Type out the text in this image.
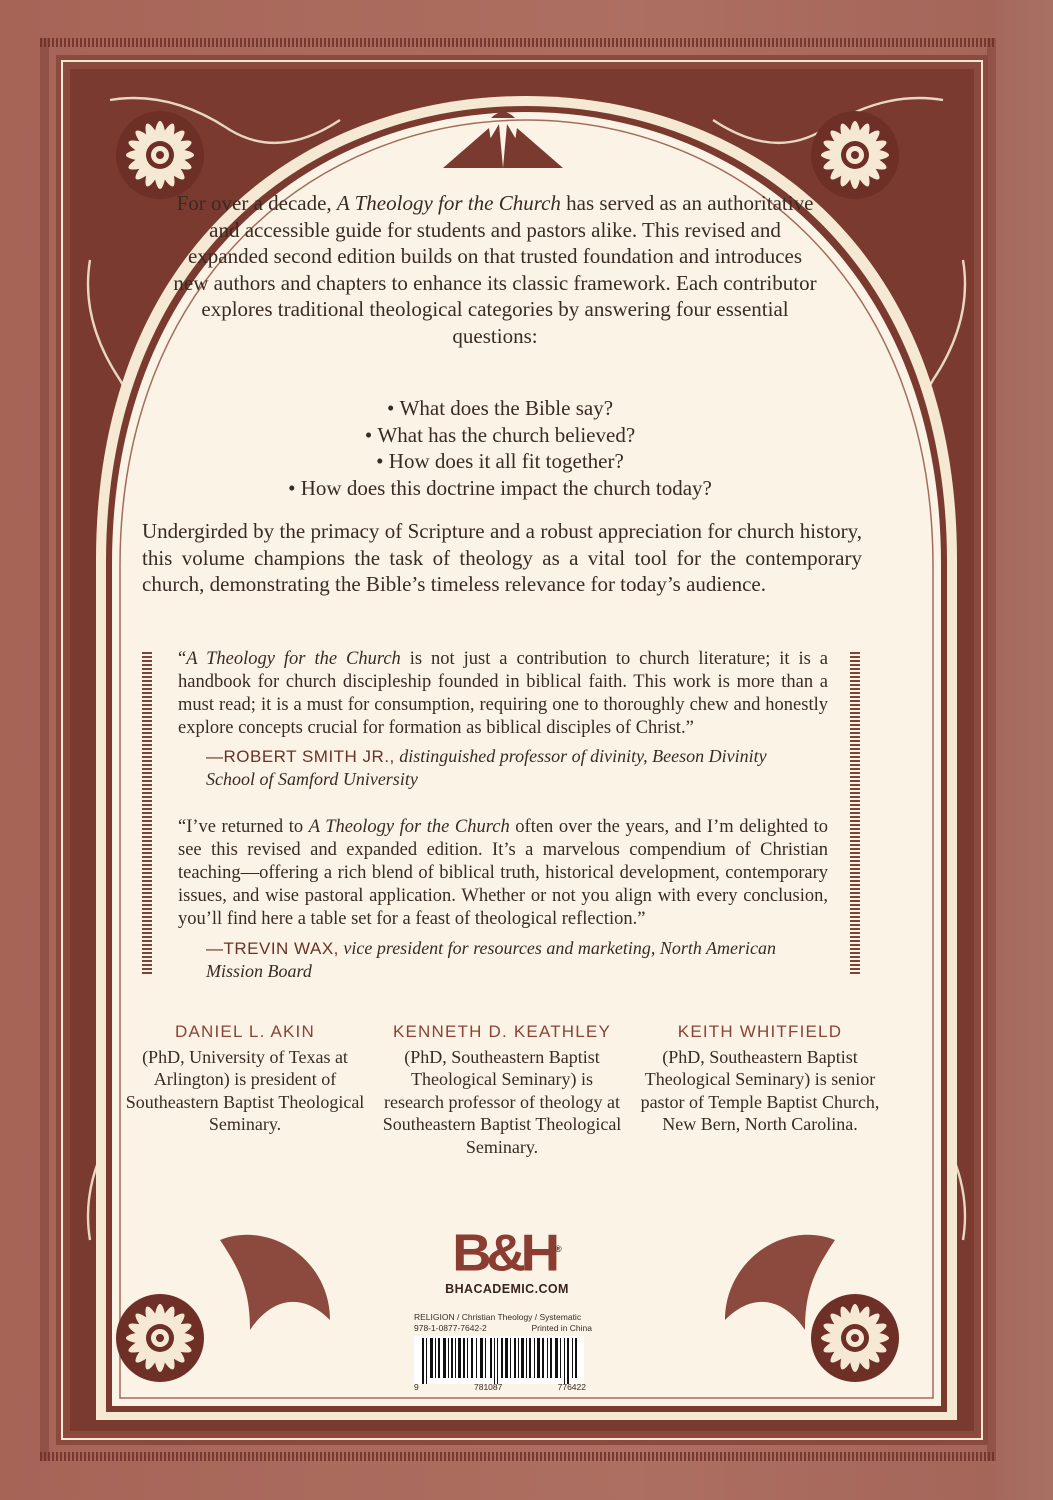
For over a decade, A Theology for the Church has served as an authoritative and accessible guide for students and pastors alike. This revised and expanded second edition builds on that trusted foundation and introduces new authors and chapters to enhance its classic framework. Each contributor explores traditional theological categories by answering four essential questions:
• What does the Bible say?
• What has the church believed?
• How does it all fit together?
• How does this doctrine impact the church today?
Undergirded by the primacy of Scripture and a robust appreciation for church history, this volume champions the task of theology as a vital tool for the contemporary church, demonstrating the Bible’s timeless relevance for today’s audience.
“A Theology for the Church is not just a contribution to church literature; it is a handbook for church discipleship founded in biblical faith. This work is more than a must read; it is a must for consumption, requiring one to thoroughly chew and honestly explore concepts crucial for formation as biblical disciples of Christ.”
—ROBERT SMITH JR., distinguished professor of divinity, Beeson Divinity School of Samford University
“I’ve returned to A Theology for the Church often over the years, and I’m delighted to see this revised and expanded edition. It’s a marvelous compendium of Christian teaching—offering a rich blend of biblical truth, historical development, contemporary issues, and wise pastoral application. Whether or not you align with every conclusion, you’ll find here a table set for a feast of theological reflection.”
—TREVIN WAX, vice president for resources and marketing, North American Mission Board
DANIEL L. AKIN
(PhD, University of Texas at Arlington) is president of Southeastern Baptist Theological Seminary.
KENNETH D. KEATHLEY
(PhD, Southeastern Baptist Theological Seminary) is research professor of theology at Southeastern Baptist Theological Seminary.
KEITH WHITFIELD
(PhD, Southeastern Baptist Theological Seminary) is senior pastor of Temple Baptist Church, New Bern, North Carolina.
B&H®
BHACADEMIC.COM
RELIGION / Christian Theology / Systematic
978-1-0877-7642-2	Printed in China
9	781087	776422
